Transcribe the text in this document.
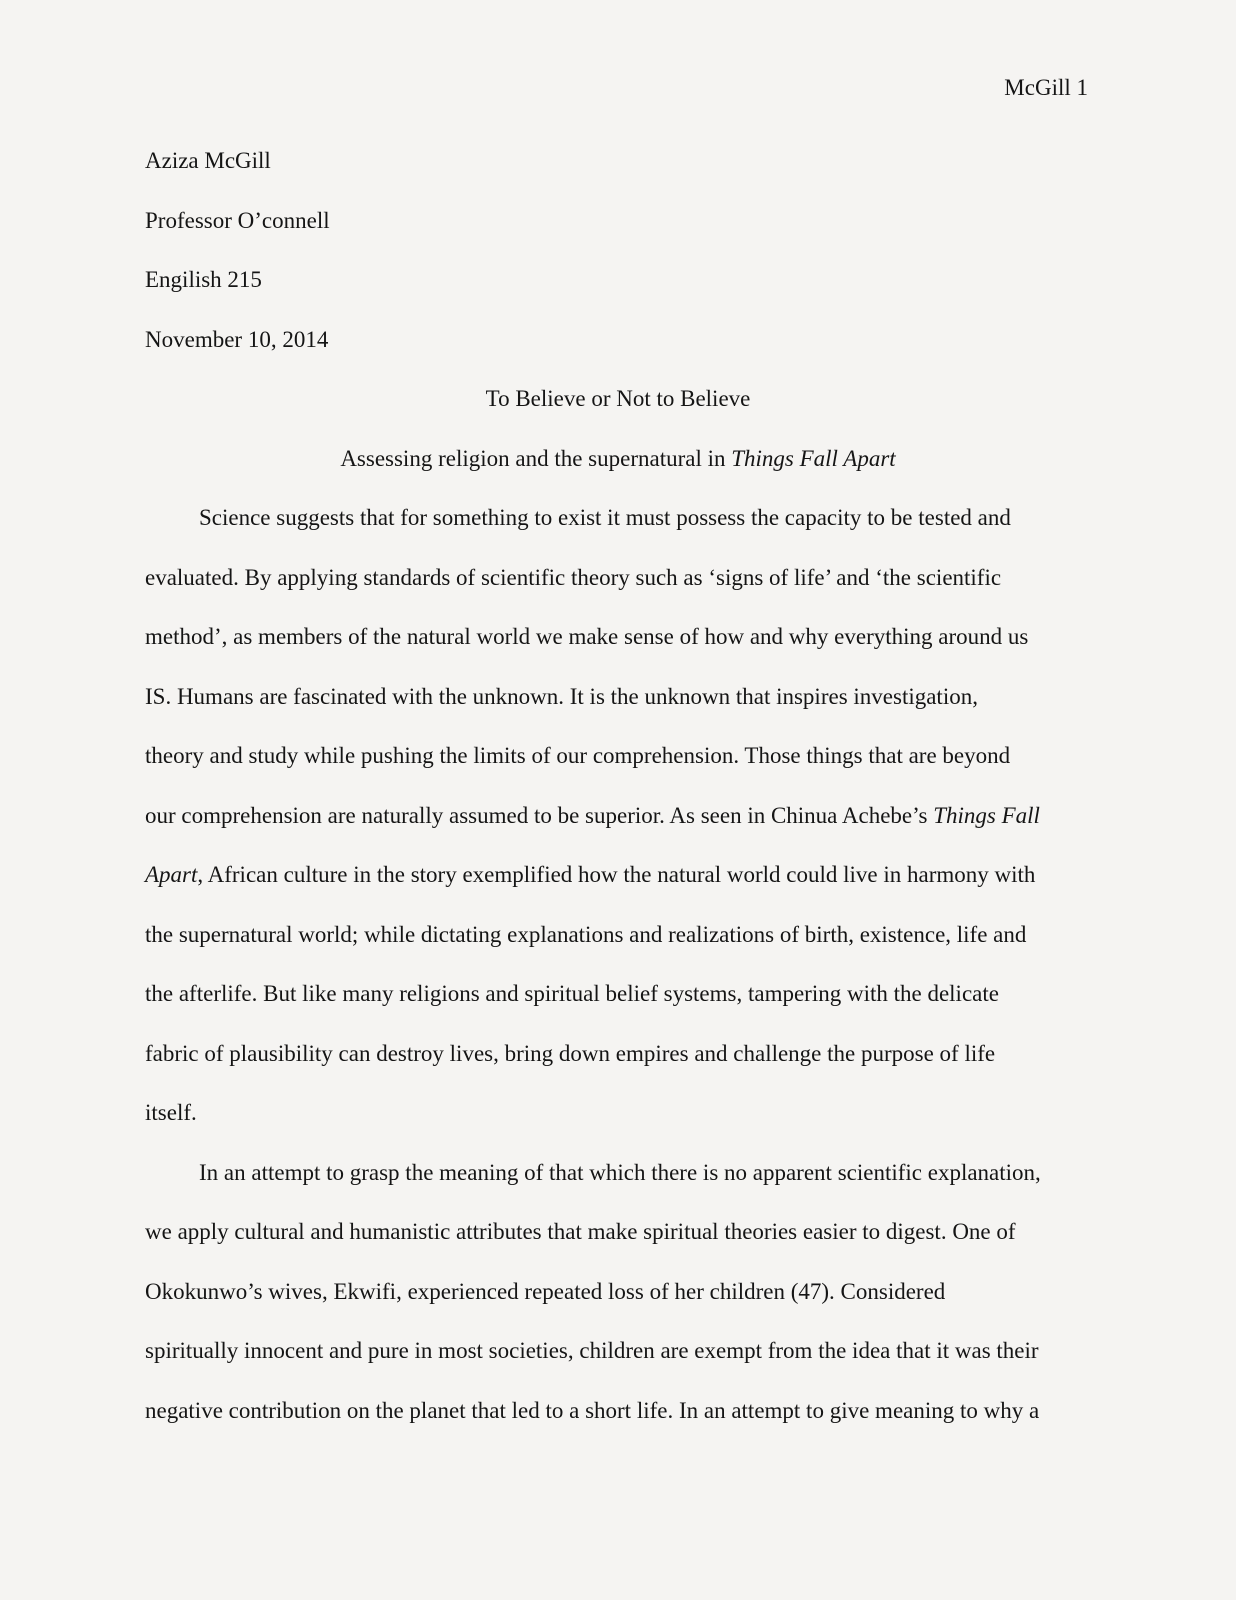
McGill 1
Aziza McGill
Professor O’connell
Engilish 215
November 10, 2014
To Believe or Not to Believe
Assessing religion and the supernatural in Things Fall Apart
Science suggests that for something to exist it must possess the capacity to be tested and
evaluated. By applying standards of scientific theory such as ‘signs of life’ and ‘the scientific
method’, as members of the natural world we make sense of how and why everything around us
IS. Humans are fascinated with the unknown. It is the unknown that inspires investigation,
theory and study while pushing the limits of our comprehension. Those things that are beyond
our comprehension are naturally assumed to be superior. As seen in Chinua Achebe’s Things Fall
Apart, African culture in the story exemplified how the natural world could live in harmony with
the supernatural world; while dictating explanations and realizations of birth, existence, life and
the afterlife. But like many religions and spiritual belief systems, tampering with the delicate
fabric of plausibility can destroy lives, bring down empires and challenge the purpose of life
itself.
In an attempt to grasp the meaning of that which there is no apparent scientific explanation,
we apply cultural and humanistic attributes that make spiritual theories easier to digest. One of
Okokunwo’s wives, Ekwifi, experienced repeated loss of her children (47). Considered
spiritually innocent and pure in most societies, children are exempt from the idea that it was their
negative contribution on the planet that led to a short life. In an attempt to give meaning to why a
